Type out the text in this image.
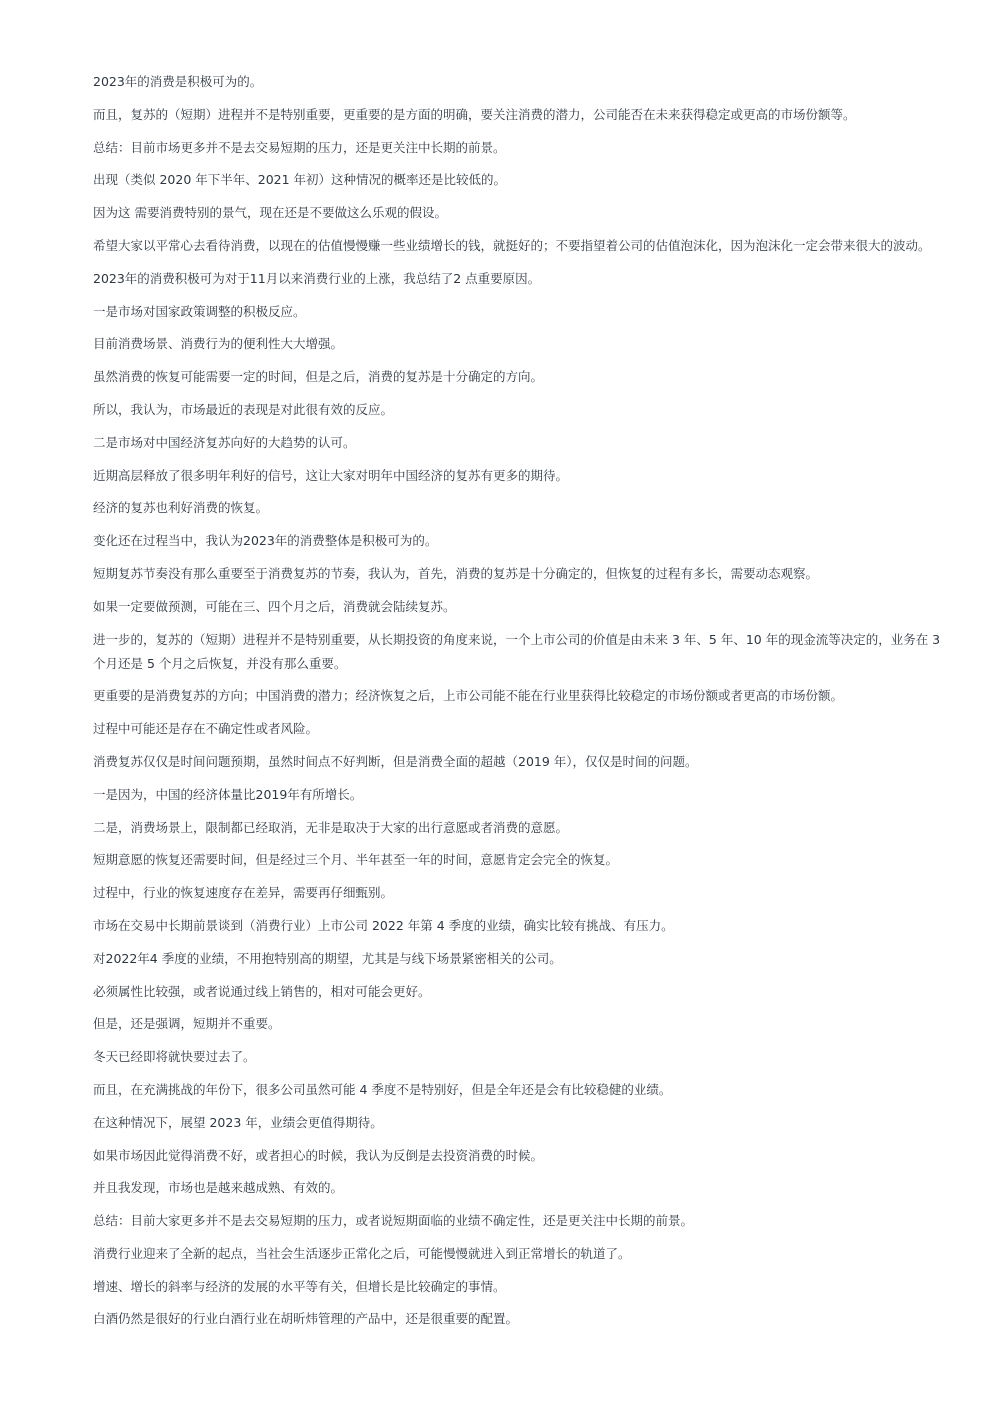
2023年的消费是积极可为的。

而且，复苏的（短期）进程并不是特别重要，更重要的是方面的明确，要关注消费的潜力，公司能否在未来获得稳定或更高的市场份额等。

总结：目前市场更多并不是去交易短期的压力，还是更关注中长期的前景。

出现（类似 2020 年下半年、2021 年初）这种情况的概率还是比较低的。

因为这 需要消费特别的景气，现在还是不要做这么乐观的假设。

希望大家以平常心去看待消费，以现在的估值慢慢赚一些业绩增长的钱，就挺好的；不要指望着公司的估值泡沫化，因为泡沫化一定会带来很大的波动。

2023年的消费积极可为对于11月以来消费行业的上涨，我总结了2 点重要原因。

一是市场对国家政策调整的积极反应。

目前消费场景、消费行为的便利性大大增强。

虽然消费的恢复可能需要一定的时间，但是之后，消费的复苏是十分确定的方向。

所以，我认为，市场最近的表现是对此很有效的反应。

二是市场对中国经济复苏向好的大趋势的认可。

近期高层释放了很多明年利好的信号，这让大家对明年中国经济的复苏有更多的期待。

经济的复苏也利好消费的恢复。

变化还在过程当中，我认为2023年的消费整体是积极可为的。

短期复苏节奏没有那么重要至于消费复苏的节奏，我认为，首先，消费的复苏是十分确定的，但恢复的过程有多长，需要动态观察。

如果一定要做预测，可能在三、四个月之后，消费就会陆续复苏。

进一步的，复苏的（短期）进程并不是特别重要，从长期投资的角度来说，一个上市公司的价值是由未来 3 年、5 年、10 年的现金流等决定的，业务在 3 个月还是 5 个月之后恢复，并没有那么重要。

更重要的是消费复苏的方向；中国消费的潜力；经济恢复之后，上市公司能不能在行业里获得比较稳定的市场份额或者更高的市场份额。

过程中可能还是存在不确定性或者风险。

消费复苏仅仅是时间问题预期，虽然时间点不好判断，但是消费全面的超越（2019 年），仅仅是时间的问题。

一是因为，中国的经济体量比2019年有所增长。

二是，消费场景上，限制都已经取消，无非是取决于大家的出行意愿或者消费的意愿。

短期意愿的恢复还需要时间，但是经过三个月、半年甚至一年的时间，意愿肯定会完全的恢复。

过程中，行业的恢复速度存在差异，需要再仔细甄别。

市场在交易中长期前景谈到（消费行业）上市公司 2022 年第 4 季度的业绩，确实比较有挑战、有压力。

对2022年4 季度的业绩，不用抱特别高的期望，尤其是与线下场景紧密相关的公司。

必须属性比较强，或者说通过线上销售的，相对可能会更好。

但是，还是强调，短期并不重要。

冬天已经即将就快要过去了。

而且，在充满挑战的年份下，很多公司虽然可能 4 季度不是特别好，但是全年还是会有比较稳健的业绩。

在这种情况下，展望 2023 年，业绩会更值得期待。

如果市场因此觉得消费不好，或者担心的时候，我认为反倒是去投资消费的时候。

并且我发现，市场也是越来越成熟、有效的。

总结：目前大家更多并不是去交易短期的压力，或者说短期面临的业绩不确定性，还是更关注中长期的前景。

消费行业迎来了全新的起点，当社会生活逐步正常化之后，可能慢慢就进入到正常增长的轨道了。

增速、增长的斜率与经济的发展的水平等有关，但增长是比较确定的事情。

白酒仍然是很好的行业白酒行业在胡昕炜管理的产品中，还是很重要的配置。
